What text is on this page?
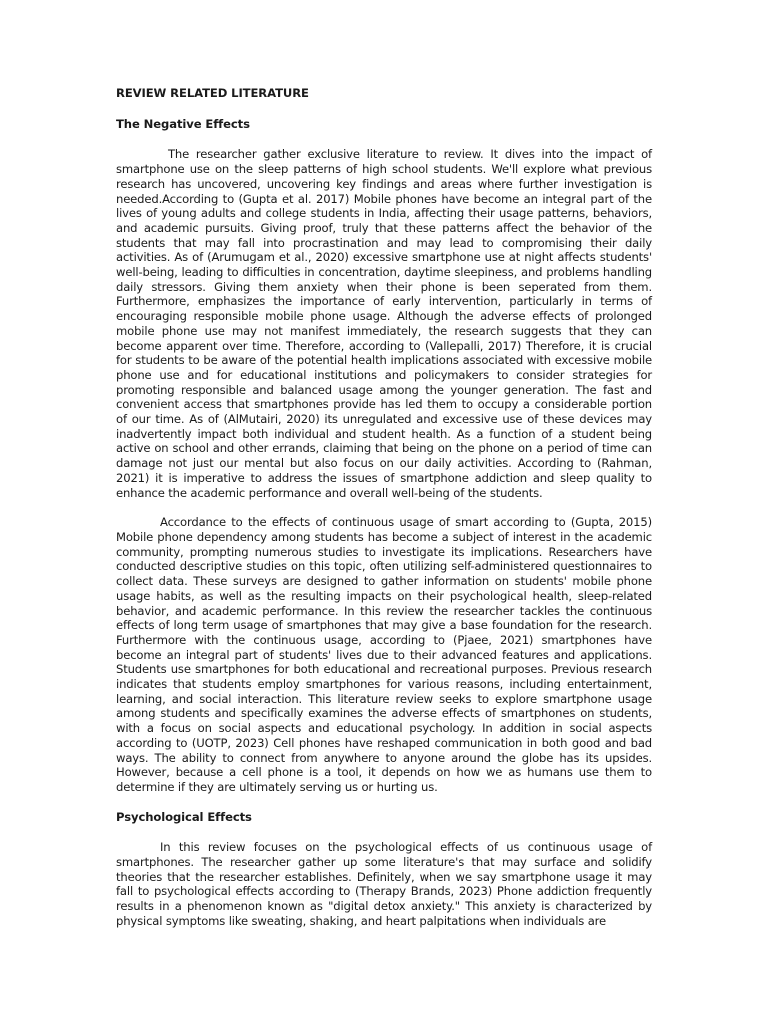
REVIEW RELATED LITERATURE

The Negative Effects

The researcher gather exclusive literature to review. It dives into the impact of smartphone use on the sleep patterns of high school students. We'll explore what previous research has uncovered, uncovering key findings and areas where further investigation is needed.According to (Gupta et al. 2017) Mobile phones have become an integral part of the lives of young adults and college students in India, affecting their usage patterns, behaviors, and academic pursuits. Giving proof, truly that these patterns affect the behavior of the students that may fall into procrastination and may lead to compromising their daily activities. As of (Arumugam et al., 2020) excessive smartphone use at night affects students' well-being, leading to difficulties in concentration, daytime sleepiness, and problems handling daily stressors. Giving them anxiety when their phone is been seperated from them. Furthermore, emphasizes the importance of early intervention, particularly in terms of encouraging responsible mobile phone usage. Although the adverse effects of prolonged mobile phone use may not manifest immediately, the research suggests that they can become apparent over time. Therefore, according to (Vallepalli, 2017) Therefore, it is crucial for students to be aware of the potential health implications associated with excessive mobile phone use and for educational institutions and policymakers to consider strategies for promoting responsible and balanced usage among the younger generation. The fast and convenient access that smartphones provide has led them to occupy a considerable portion of our time. As of (AlMutairi, 2020) its unregulated and excessive use of these devices may inadvertently impact both individual and student health. As a function of a student being active on school and other errands, claiming that being on the phone on a period of time can damage not just our mental but also focus on our daily activities. According to (Rahman, 2021) it is imperative to address the issues of smartphone addiction and sleep quality to enhance the academic performance and overall well-being of the students.

Accordance to the effects of continuous usage of smart according to (Gupta, 2015) Mobile phone dependency among students has become a subject of interest in the academic community, prompting numerous studies to investigate its implications. Researchers have conducted descriptive studies on this topic, often utilizing self-administered questionnaires to collect data. These surveys are designed to gather information on students' mobile phone usage habits, as well as the resulting impacts on their psychological health, sleep-related behavior, and academic performance. In this review the researcher tackles the continuous effects of long term usage of smartphones that may give a base foundation for the research. Furthermore with the continuous usage, according to (Pjaee, 2021) smartphones have become an integral part of students' lives due to their advanced features and applications. Students use smartphones for both educational and recreational purposes. Previous research indicates that students employ smartphones for various reasons, including entertainment, learning, and social interaction. This literature review seeks to explore smartphone usage among students and specifically examines the adverse effects of smartphones on students, with a focus on social aspects and educational psychology. In addition in social aspects according to (UOTP, 2023) Cell phones have reshaped communication in both good and bad ways. The ability to connect from anywhere to anyone around the globe has its upsides. However, because a cell phone is a tool, it depends on how we as humans use them to determine if they are ultimately serving us or hurting us.

Psychological Effects

In this review focuses on the psychological effects of us continuous usage of smartphones. The researcher gather up some literature's that may surface and solidify theories that the researcher establishes. Definitely, when we say smartphone usage it may fall to psychological effects according to (Therapy Brands, 2023) Phone addiction frequently results in a phenomenon known as "digital detox anxiety." This anxiety is characterized by physical symptoms like sweating, shaking, and heart palpitations when individuals are
